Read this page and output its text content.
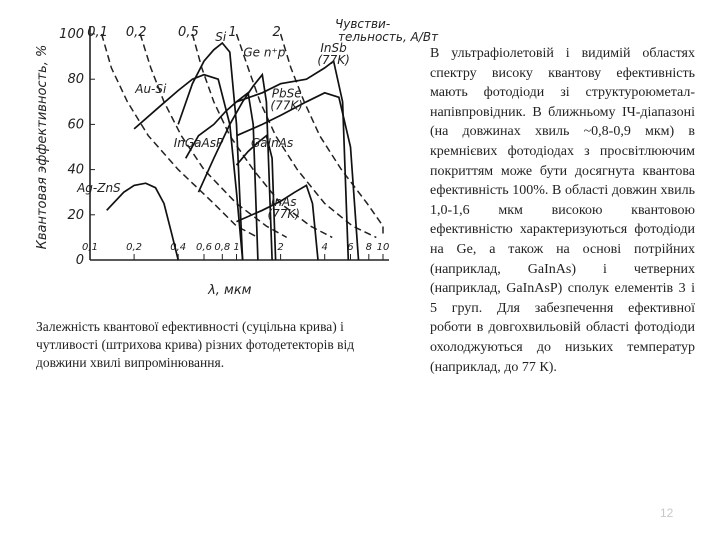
0
20
40
60
80
100
0,1	0,2	0,4 0,6 0,8 1	2	4 6 8 10
λ, мкм
Квантовая эффективность, %
Чувстви-тельность, А/Вт
0,1 0,2 0,5 1	2
Ag-ZnS
Au-Si
Si
InGaAsP
Ge n⁺p
PbSe (77K)
InSb (77K)
GaInAs
InAs (77K)
Залежність квантової ефективності (суцільна крива) і чутливості (штрихова крива) різних фотодетекторів від довжини хвилі випромінювання.
В ультрафіолетовій і видимій областях спектру високу квантову ефективність мають фотодіоди зі структуроюметал-напівпровідник. В ближньому ІЧ-діапазоні (на довжинах хвиль ~0,8-0,9 мкм) в кремнієвих фотодіодах з просвітлюючим покриттям може бути досягнута квантова ефективність 100%. В області довжин хвиль 1,0-1,6 мкм високою квантовою ефективністю характеризуються фотодіоди на Ge, а також на основі потрійних (наприклад, GaInAs) і четверних (наприклад, GaInAsP) сполук елементів 3 і 5 груп. Для забезпечення ефективної роботи в довгохвильовій області фотодіоди охолоджуються до низьких температур (наприклад, до 77 К).
12
